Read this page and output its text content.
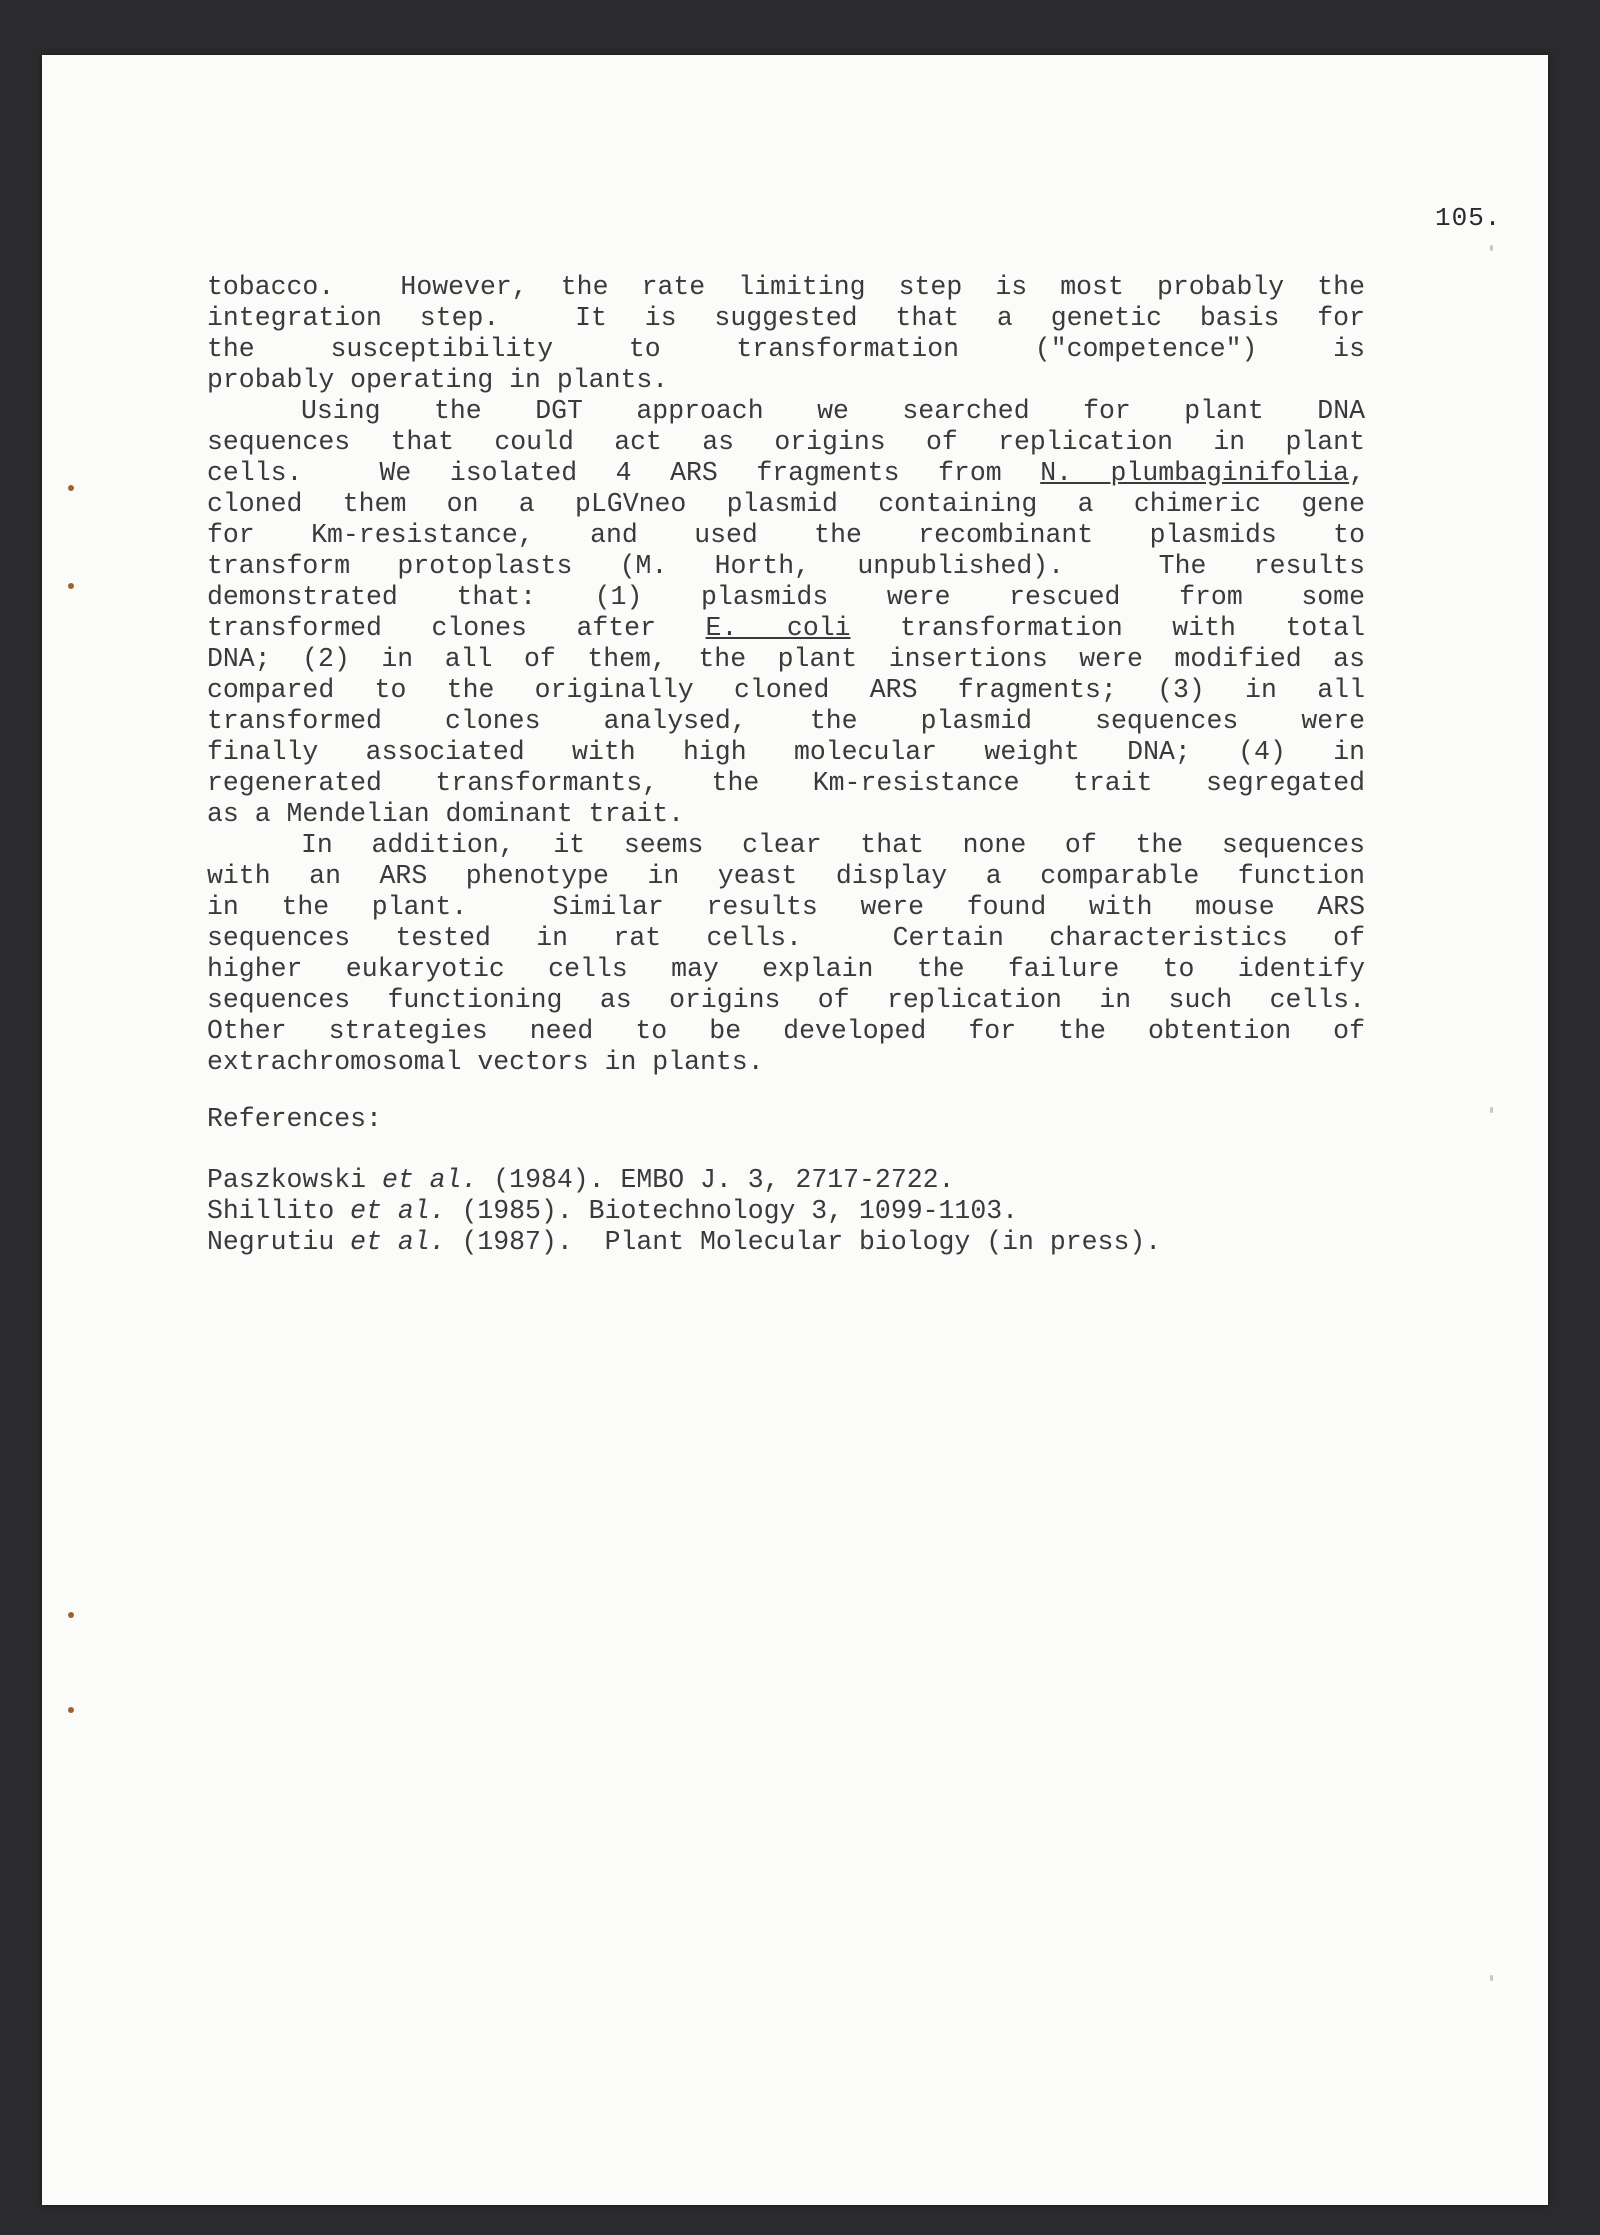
105.
tobacco.  However, the rate limiting step is most probably the
integration step.  It is suggested that a genetic basis for
the susceptibility to transformation ("competence") is
probably operating in plants.
Using the DGT approach we searched for plant DNA
sequences that could act as origins of replication in plant
cells.  We isolated 4 ARS fragments from N. plumbaginifolia,
cloned them on a pLGVneo plasmid containing a chimeric gene
for Km-resistance, and used the recombinant plasmids to
transform protoplasts (M. Horth, unpublished).  The results
demonstrated that: (1) plasmids were rescued from some
transformed clones after E. coli transformation with total
DNA; (2) in all of them, the plant insertions were modified as
compared to the originally cloned ARS fragments; (3) in all
transformed clones analysed, the plasmid sequences were
finally associated with high molecular weight DNA; (4) in
regenerated transformants, the Km-resistance trait segregated
as a Mendelian dominant trait.
In addition, it seems clear that none of the sequences
with an ARS phenotype in yeast display a comparable function
in the plant.  Similar results were found with mouse ARS
sequences tested in rat cells.  Certain characteristics of
higher eukaryotic cells may explain the failure to identify
sequences functioning as origins of replication in such cells.
Other strategies need to be developed for the obtention of
extrachromosomal vectors in plants.
References:
Paszkowski et al. (1984). EMBO J. 3, 2717-2722.
Shillito et al. (1985). Biotechnology 3, 1099-1103.
Negrutiu et al. (1987).  Plant Molecular biology (in press).
